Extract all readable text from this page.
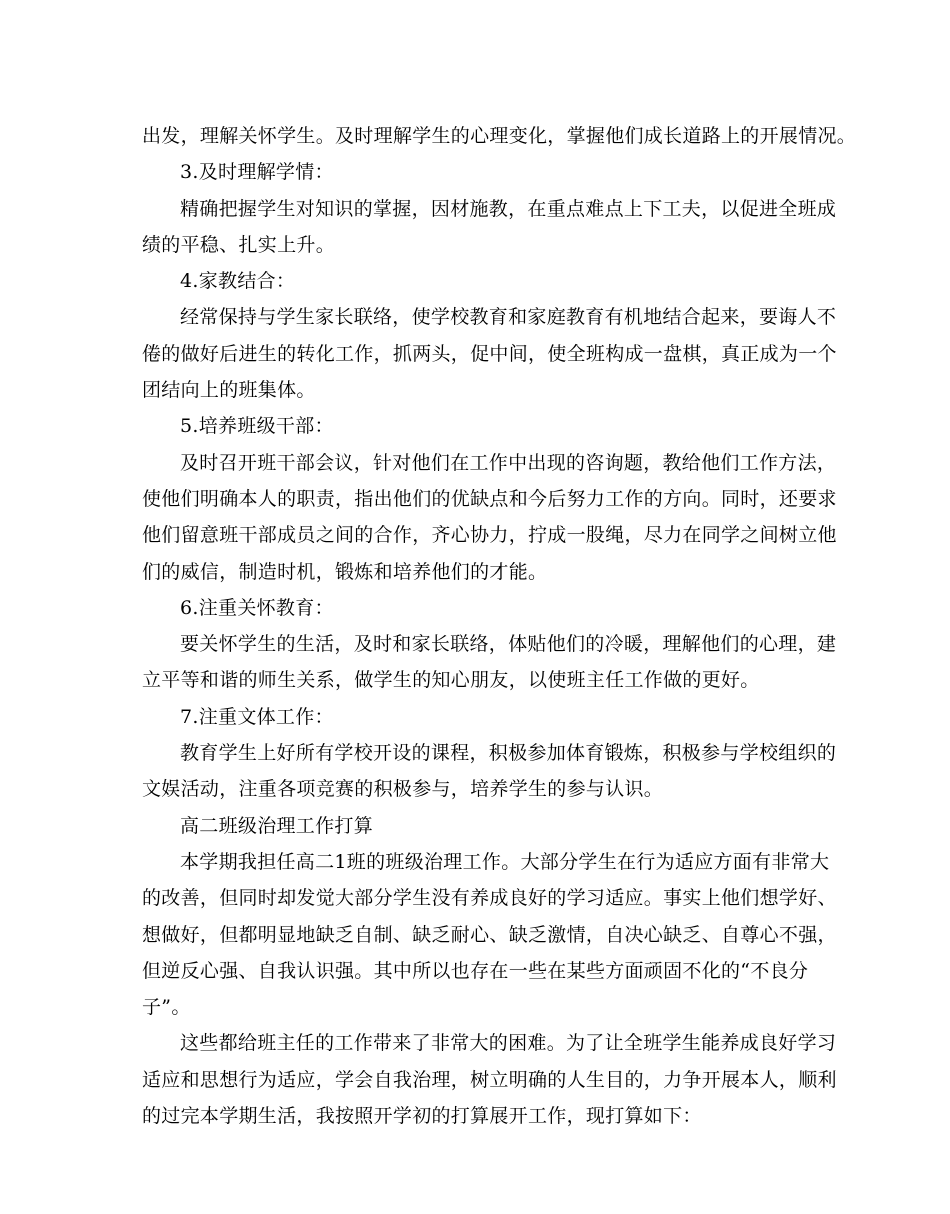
出发，理解关怀学生。及时理解学生的心理变化，掌握他们成长道路上的开展情况。
3.及时理解学情：
精确把握学生对知识的掌握，因材施教，在重点难点上下工夫，以促进全班成
绩的平稳、扎实上升。
4.家教结合：
经常保持与学生家长联络，使学校教育和家庭教育有机地结合起来，要诲人不
倦的做好后进生的转化工作，抓两头，促中间，使全班构成一盘棋，真正成为一个
团结向上的班集体。
5.培养班级干部：
及时召开班干部会议，针对他们在工作中出现的咨询题，教给他们工作方法，
使他们明确本人的职责，指出他们的优缺点和今后努力工作的方向。同时，还要求
他们留意班干部成员之间的合作，齐心协力，拧成一股绳，尽力在同学之间树立他
们的威信，制造时机，锻炼和培养他们的才能。
6.注重关怀教育：
要关怀学生的生活，及时和家长联络，体贴他们的冷暖，理解他们的心理，建
立平等和谐的师生关系，做学生的知心朋友，以使班主任工作做的更好。
7.注重文体工作：
教育学生上好所有学校开设的课程，积极参加体育锻炼，积极参与学校组织的
文娱活动，注重各项竞赛的积极参与，培养学生的参与认识。
高二班级治理工作打算
本学期我担任高二1班的班级治理工作。大部分学生在行为适应方面有非常大
的改善，但同时却发觉大部分学生没有养成良好的学习适应。事实上他们想学好、
想做好，但都明显地缺乏自制、缺乏耐心、缺乏激情，自决心缺乏、自尊心不强，
但逆反心强、自我认识强。其中所以也存在一些在某些方面顽固不化的“不良分
子”。
这些都给班主任的工作带来了非常大的困难。为了让全班学生能养成良好学习
适应和思想行为适应，学会自我治理，树立明确的人生目的，力争开展本人，顺利
的过完本学期生活，我按照开学初的打算展开工作，现打算如下：
